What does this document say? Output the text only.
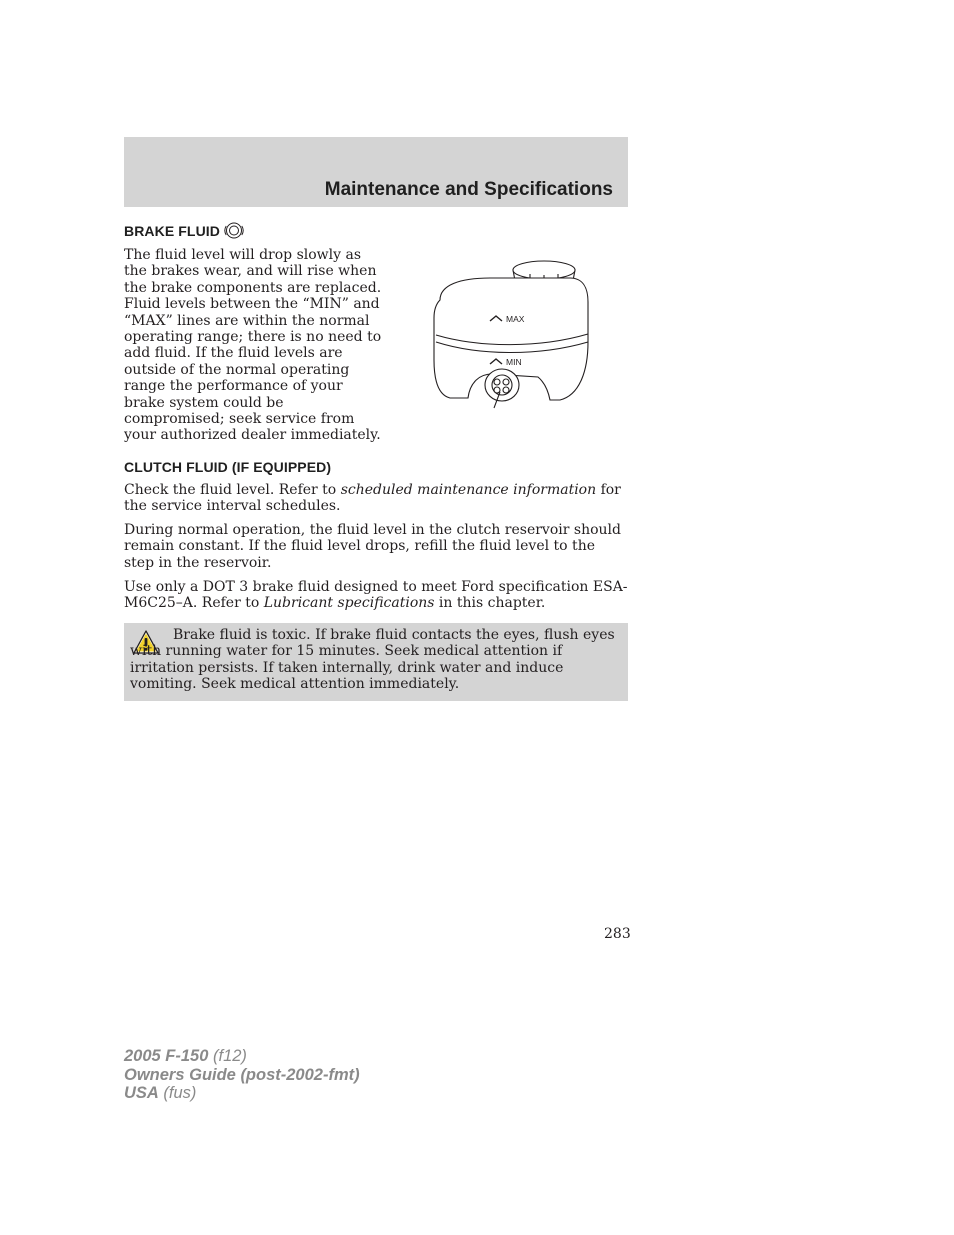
Maintenance and Specifications
BRAKE FLUID
The fluid level will drop slowly as the brakes wear, and will rise when the brake components are replaced. Fluid levels between the “MIN” and “MAX” lines are within the normal operating range; there is no need to add fluid. If the fluid levels are outside of the normal operating range the performance of your brake system could be compromised; seek service from your authorized dealer immediately.
MAX
MIN
CLUTCH FLUID (IF EQUIPPED)
Check the fluid level. Refer to scheduled maintenance information for the service interval schedules.
During normal operation, the fluid level in the clutch reservoir should remain constant. If the fluid level drops, refill the fluid level to the step in the reservoir.
Use only a DOT 3 brake fluid designed to meet Ford specification ESA-M6C25–A. Refer to Lubricant specifications in this chapter.
Brake fluid is toxic. If brake fluid contacts the eyes, flush eyes with running water for 15 minutes. Seek medical attention if irritation persists. If taken internally, drink water and induce vomiting. Seek medical attention immediately.
283
2005 F-150 (f12)
Owners Guide (post-2002-fmt)
USA (fus)
